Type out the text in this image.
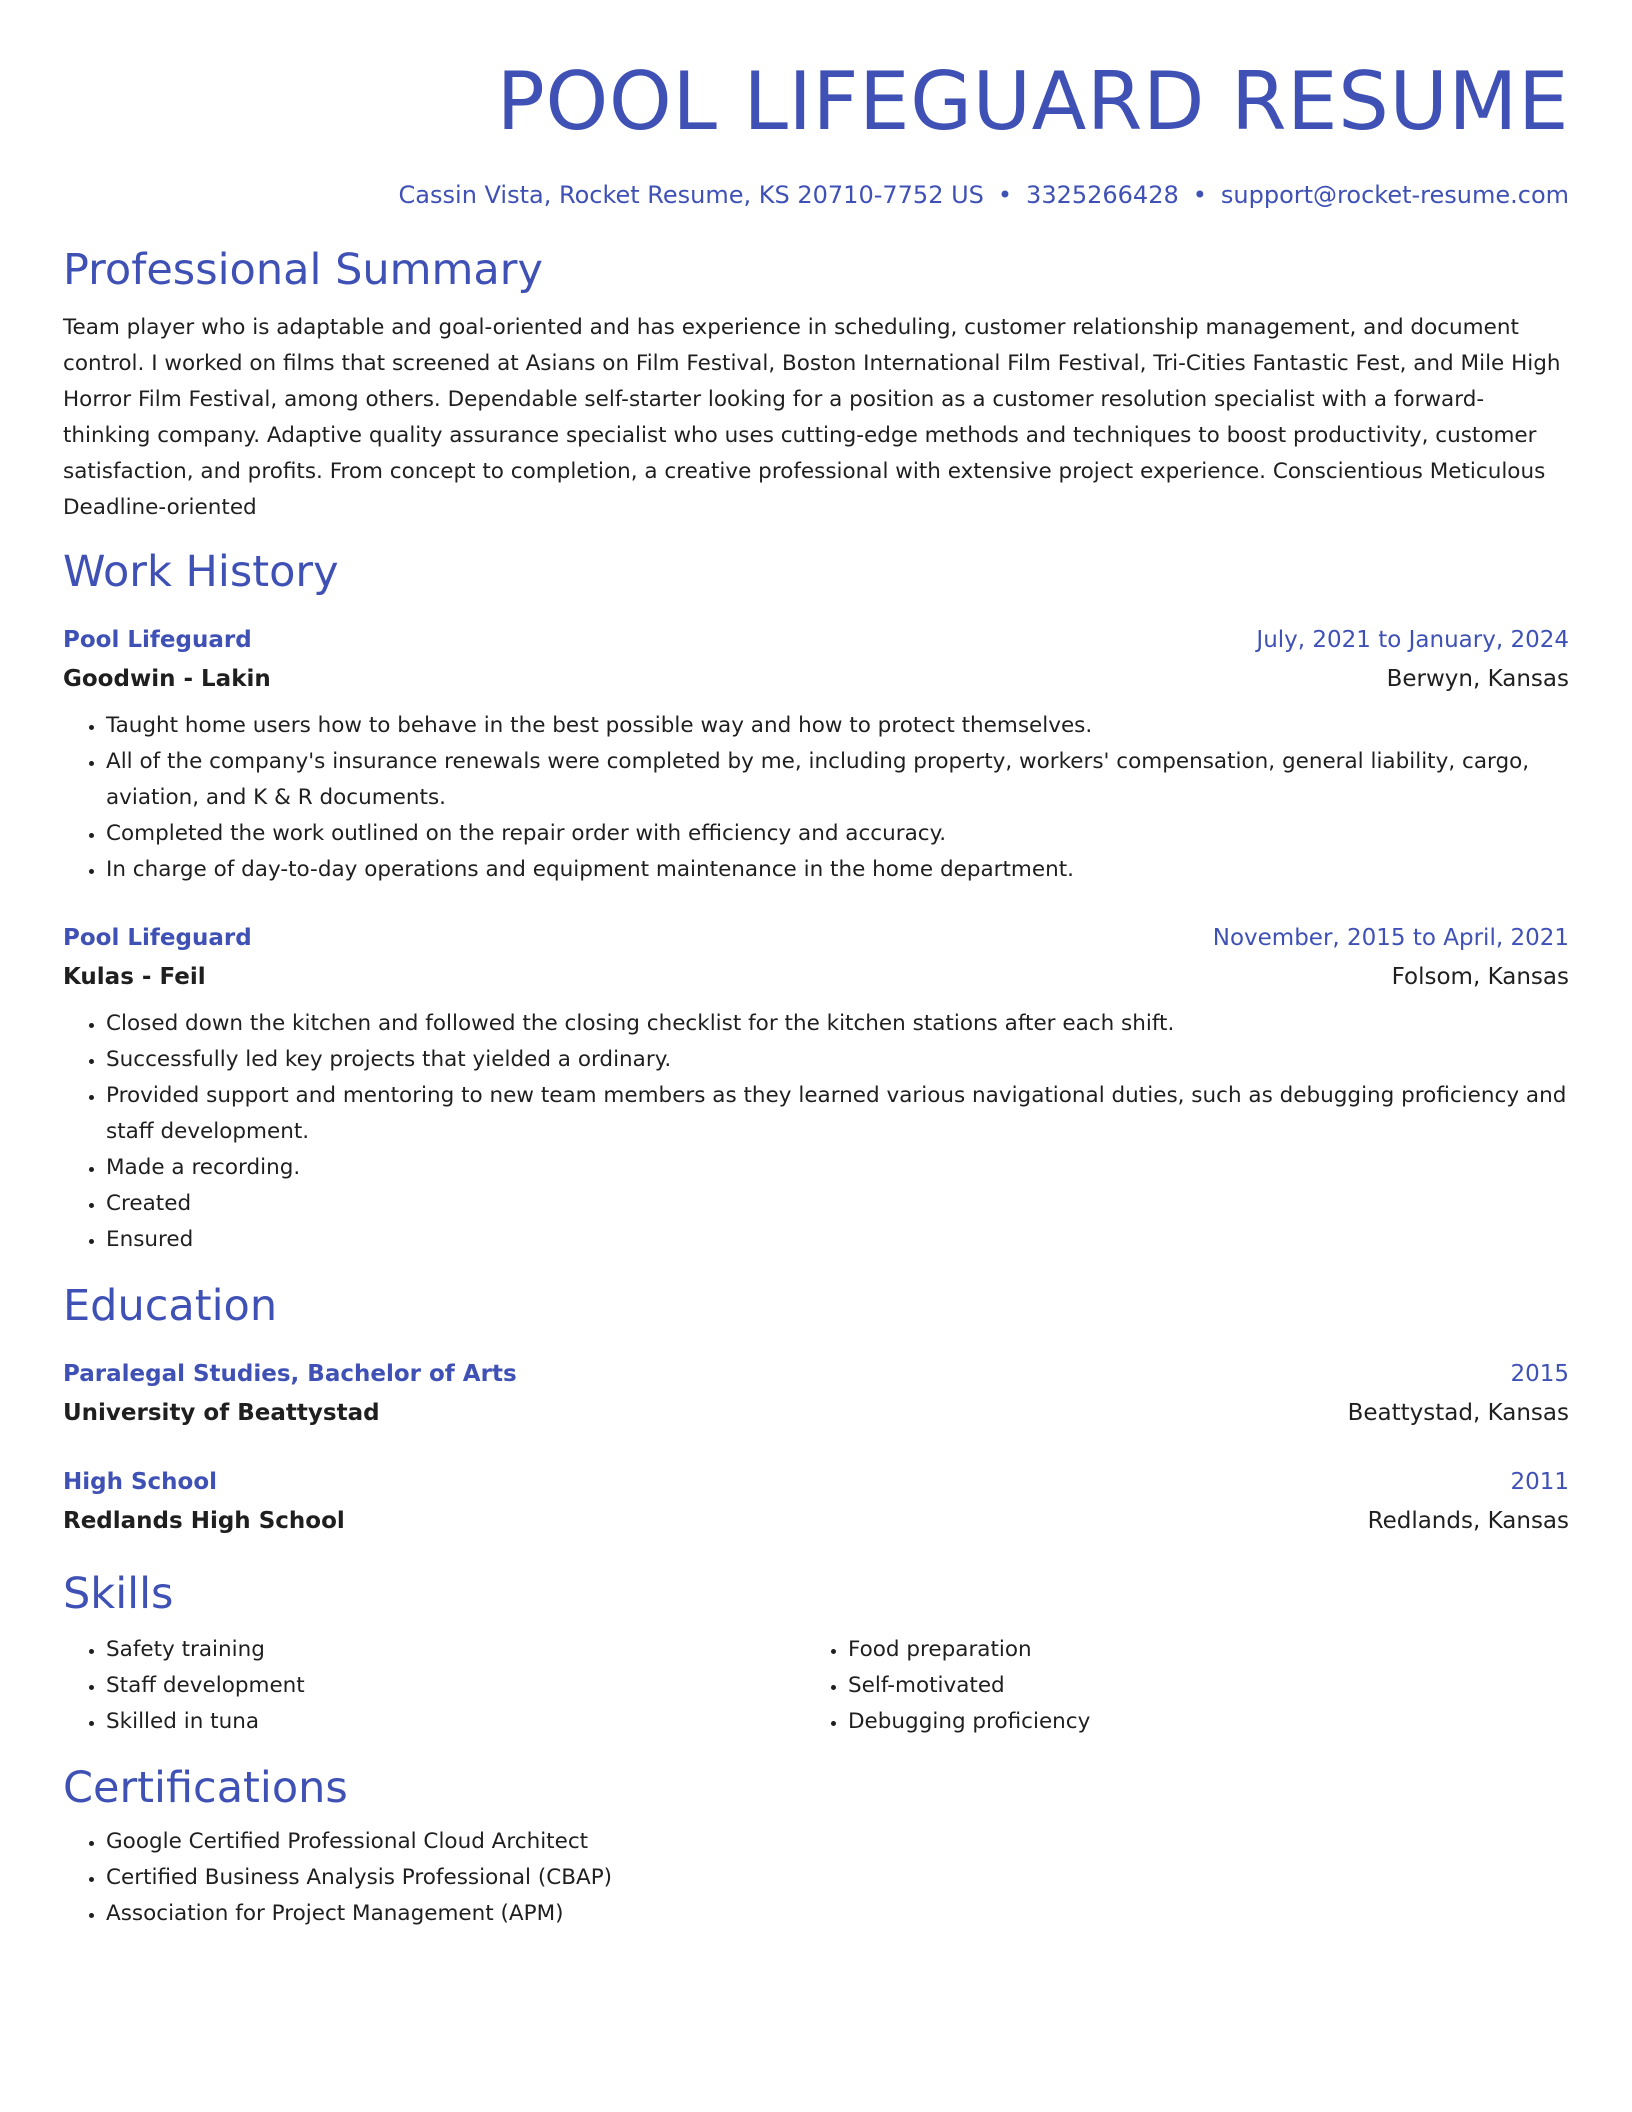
POOL LIFEGUARD RESUME
Cassin Vista, Rocket Resume, KS 20710-7752 US • 3325266428 • support@rocket-resume.com
Professional Summary
Team player who is adaptable and goal-oriented and has experience in scheduling, customer relationship management, and document control. I worked on films that screened at Asians on Film Festival, Boston International Film Festival, Tri-Cities Fantastic Fest, and Mile High Horror Film Festival, among others. Dependable self-starter looking for a position as a customer resolution specialist with a forward-thinking company. Adaptive quality assurance specialist who uses cutting-edge methods and techniques to boost productivity, customer satisfaction, and profits. From concept to completion, a creative professional with extensive project experience. Conscientious Meticulous Deadline-oriented
Work History
Pool Lifeguard	July, 2021 to January, 2024
Goodwin - Lakin	Berwyn, Kansas
• Taught home users how to behave in the best possible way and how to protect themselves.
• All of the company's insurance renewals were completed by me, including property, workers' compensation, general liability, cargo, aviation, and K & R documents.
• Completed the work outlined on the repair order with efficiency and accuracy.
• In charge of day-to-day operations and equipment maintenance in the home department.
Pool Lifeguard	November, 2015 to April, 2021
Kulas - Feil	Folsom, Kansas
• Closed down the kitchen and followed the closing checklist for the kitchen stations after each shift.
• Successfully led key projects that yielded a ordinary.
• Provided support and mentoring to new team members as they learned various navigational duties, such as debugging proficiency and staff development.
• Made a recording.
• Created
• Ensured
Education
Paralegal Studies, Bachelor of Arts	2015
University of Beattystad	Beattystad, Kansas
High School	2011
Redlands High School	Redlands, Kansas
Skills
• Safety training
• Staff development
• Skilled in tuna
• Food preparation
• Self-motivated
• Debugging proficiency
Certifications
• Google Certified Professional Cloud Architect
• Certified Business Analysis Professional (CBAP)
• Association for Project Management (APM)
